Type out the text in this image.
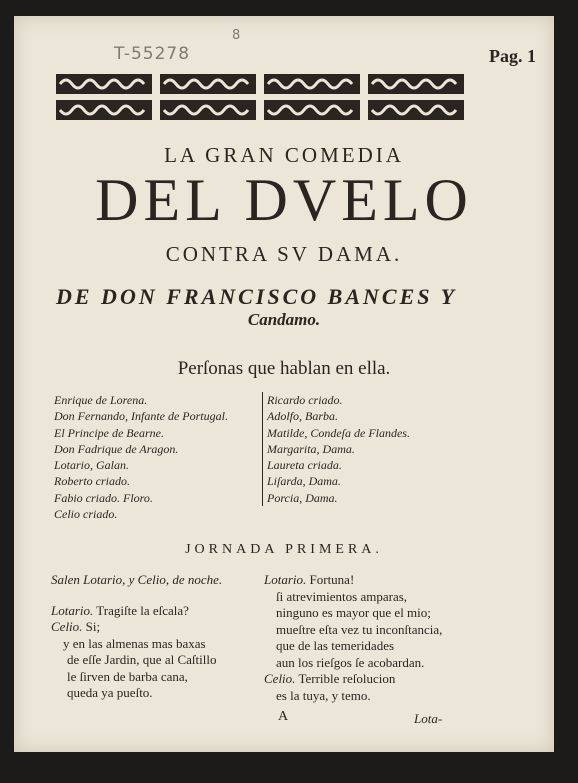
T-55278
8
Pag. 1
LA GRAN COMEDIA
DEL DVELO
CONTRA SV DAMA.
DE DON FRANCISCO BANCES Y
Candamo.
Perſonas que hablan en ella.
Enrique de Lorena.
Don Fernando, Infante de Portugal.
El Principe de Bearne.
Don Fadrique de Aragon.
Lotario, Galan.
Roberto criado.
Fabio criado. Floro.
Celio criado.
Ricardo criado.
Adolfo, Barba.
Matilde, Condeſa de Flandes.
Margarita, Dama.
Laureta criada.
Liſarda, Dama.
Porcia, Dama.
JORNADA PRIMERA.
Salen Lotario, y Celio, de noche.
Lotario. Tragiſte la eſcala?
Celio. Si;
y en las almenas mas baxas
de eſſe Jardin, que al Caſtillo
le ſirven de barba cana,
queda ya pueſto.
Lotario. Fortuna!
ſi atrevimientos amparas,
ninguno es mayor que el mio;
mueſtre eſta vez tu inconſtancia,
que de las temeridades
aun los rieſgos ſe acobardan.
Celio. Terrible reſolucion
es la tuya, y temo.
A	Lota-
